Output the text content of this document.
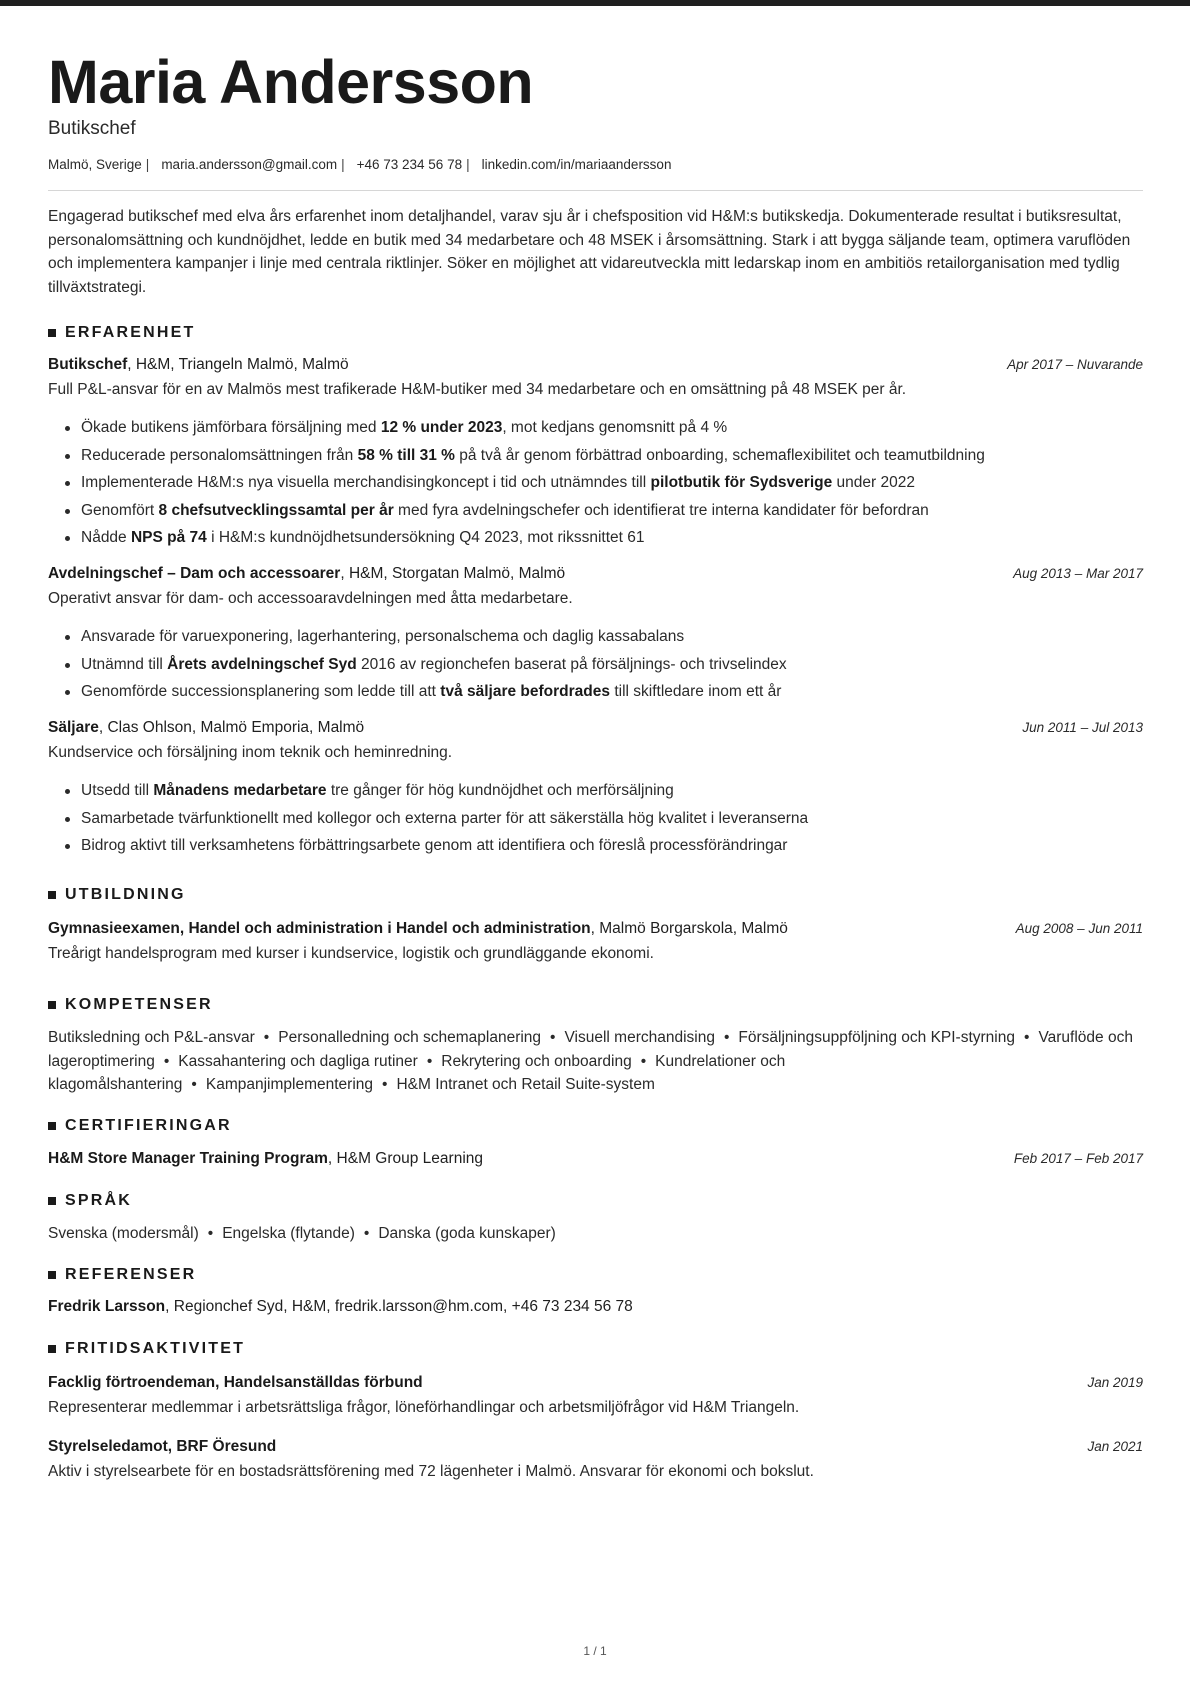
Maria Andersson
Butikschef
Malmö, Sverige | maria.andersson@gmail.com | +46 73 234 56 78 | linkedin.com/in/mariaandersson

Engagerad butikschef med elva års erfarenhet inom detaljhandel, varav sju år i chefsposition vid H&M:s butikskedja. Dokumenterade resultat i butiksresultat, personalomsättning och kundnöjdhet, ledde en butik med 34 medarbetare och 48 MSEK i årsomsättning. Stark i att bygga säljande team, optimera varuflöden och implementera kampanjer i linje med centrala riktlinjer. Söker en möjlighet att vidareutveckla mitt ledarskap inom en ambitiös retailorganisation med tydlig tillväxtstrategi.

ERFARENHET
Butikschef, H&M, Triangeln Malmö, Malmö	Apr 2017 – Nuvarande
Full P&L-ansvar för en av Malmös mest trafikerade H&M-butiker med 34 medarbetare och en omsättning på 48 MSEK per år.
Ökade butikens jämförbara försäljning med 12 % under 2023, mot kedjans genomsnitt på 4 %
Reducerade personalomsättningen från 58 % till 31 % på två år genom förbättrad onboarding, schemaflexibilitet och teamutbildning
Implementerade H&M:s nya visuella merchandisingkoncept i tid och utnämndes till pilotbutik för Sydsverige under 2022
Genomfört 8 chefsutvecklingssamtal per år med fyra avdelningschefer och identifierat tre interna kandidater för befordran
Nådde NPS på 74 i H&M:s kundnöjdhetsundersökning Q4 2023, mot rikssnittet 61
Avdelningschef – Dam och accessoarer, H&M, Storgatan Malmö, Malmö	Aug 2013 – Mar 2017
Operativt ansvar för dam- och accessoaravdelningen med åtta medarbetare.
Ansvarade för varuexponering, lagerhantering, personalschema och daglig kassabalans
Utnämnd till Årets avdelningschef Syd 2016 av regionchefen baserat på försäljnings- och trivselindex
Genomförde successionsplanering som ledde till att två säljare befordrades till skiftledare inom ett år
Säljare, Clas Ohlson, Malmö Emporia, Malmö	Jun 2011 – Jul 2013
Kundservice och försäljning inom teknik och heminredning.
Utsedd till Månadens medarbetare tre gånger för hög kundnöjdhet och merförsäljning
Samarbetade tvärfunktionellt med kollegor och externa parter för att säkerställa hög kvalitet i leveranserna
Bidrog aktivt till verksamhetens förbättringsarbete genom att identifiera och föreslå processförändringar
UTBILDNING
Gymnasieexamen, Handel och administration i Handel och administration, Malmö Borgarskola, Malmö	Aug 2008 – Jun 2011
Treårigt handelsprogram med kurser i kundservice, logistik och grundläggande ekonomi.
KOMPETENSER

Butiksledning och P&L-ansvar • Personalledning och schemaplanering • Visuell merchandising • Försäljningsuppföljning och KPI-styrning • Varuflöde och lageroptimering • Kassahantering och dagliga rutiner • Rekrytering och onboarding • Kundrelationer och klagomålshantering • Kampanjimplementering • H&M Intranet och Retail Suite-system

CERTIFIERINGAR
H&M Store Manager Training Program, H&M Group Learning	Feb 2017 – Feb 2017
SPRÅK

Svenska (modersmål) • Engelska (flytande) • Danska (goda kunskaper)

REFERENSER
Fredrik Larsson, Regionchef Syd, H&M, fredrik.larsson@hm.com, +46 73 234 56 78
FRITIDSAKTIVITET
Facklig förtroendeman, Handelsanställdas förbund	Jan 2019
Representerar medlemmar i arbetsrättsliga frågor, löneförhandlingar och arbetsmiljöfrågor vid H&M Triangeln.
Styrelseledamot, BRF Öresund	Jan 2021
Aktiv i styrelsearbete för en bostadsrättsförening med 72 lägenheter i Malmö. Ansvarar för ekonomi och bokslut.
1 / 1
